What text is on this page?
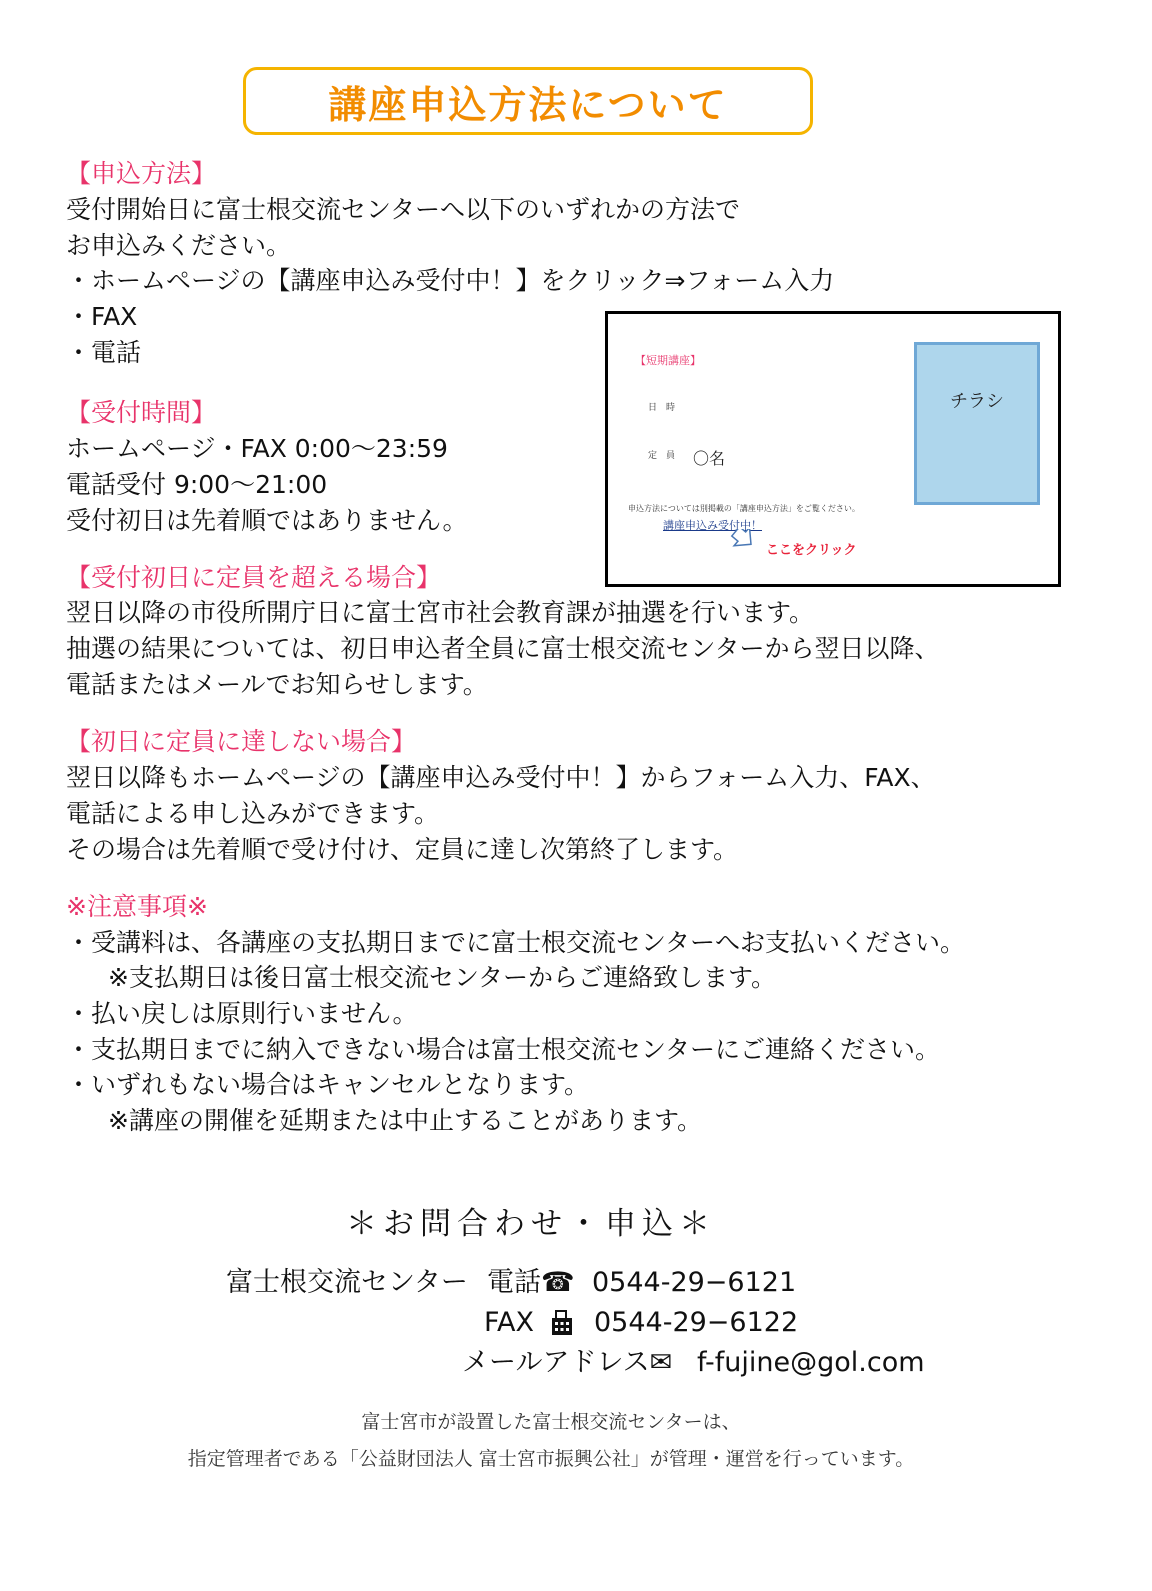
講座申込方法について
【申込方法】
受付開始日に富士根交流センターへ以下のいずれかの方法で
お申込みください。
・ホームページの【講座申込み受付中！】をクリック⇒フォーム入力
・FAX
・電話
【受付時間】
ホームページ・FAX 0:00～23:59
電話受付 9:00～21:00
受付初日は先着順ではありません。
【受付初日に定員を超える場合】
翌日以降の市役所開庁日に富士宮市社会教育課が抽選を行います。
抽選の結果については、初日申込者全員に富士根交流センターから翌日以降、
電話またはメールでお知らせします。
【初日に定員に達しない場合】
翌日以降もホームページの【講座申込み受付中！】からフォーム入力、FAX、
電話による申し込みができます。
その場合は先着順で受け付け、定員に達し次第終了します。
※注意事項※
・受講料は、各講座の支払期日までに富士根交流センターへお支払いください。
※支払期日は後日富士根交流センターからご連絡致します。
・払い戻しは原則行いません。
・支払期日までに納入できない場合は富士根交流センターにご連絡ください。
・いずれもない場合はキャンセルとなります。
※講座の開催を延期または中止することがあります。
【短期講座】
日　時
定　員 〇名
申込方法については別掲載の「講座申込方法」をご覧ください。
講座申込み受付中！
ここをクリック
チラシ
＊お問合わせ・申込＊
富士根交流センター 電話☎ 0544-29−6121
FAX 0544-29−6122
メールアドレス✉ f-fujine@gol.com
富士宮市が設置した富士根交流センターは、
指定管理者である「公益財団法人 富士宮市振興公社」が管理・運営を行っています。
